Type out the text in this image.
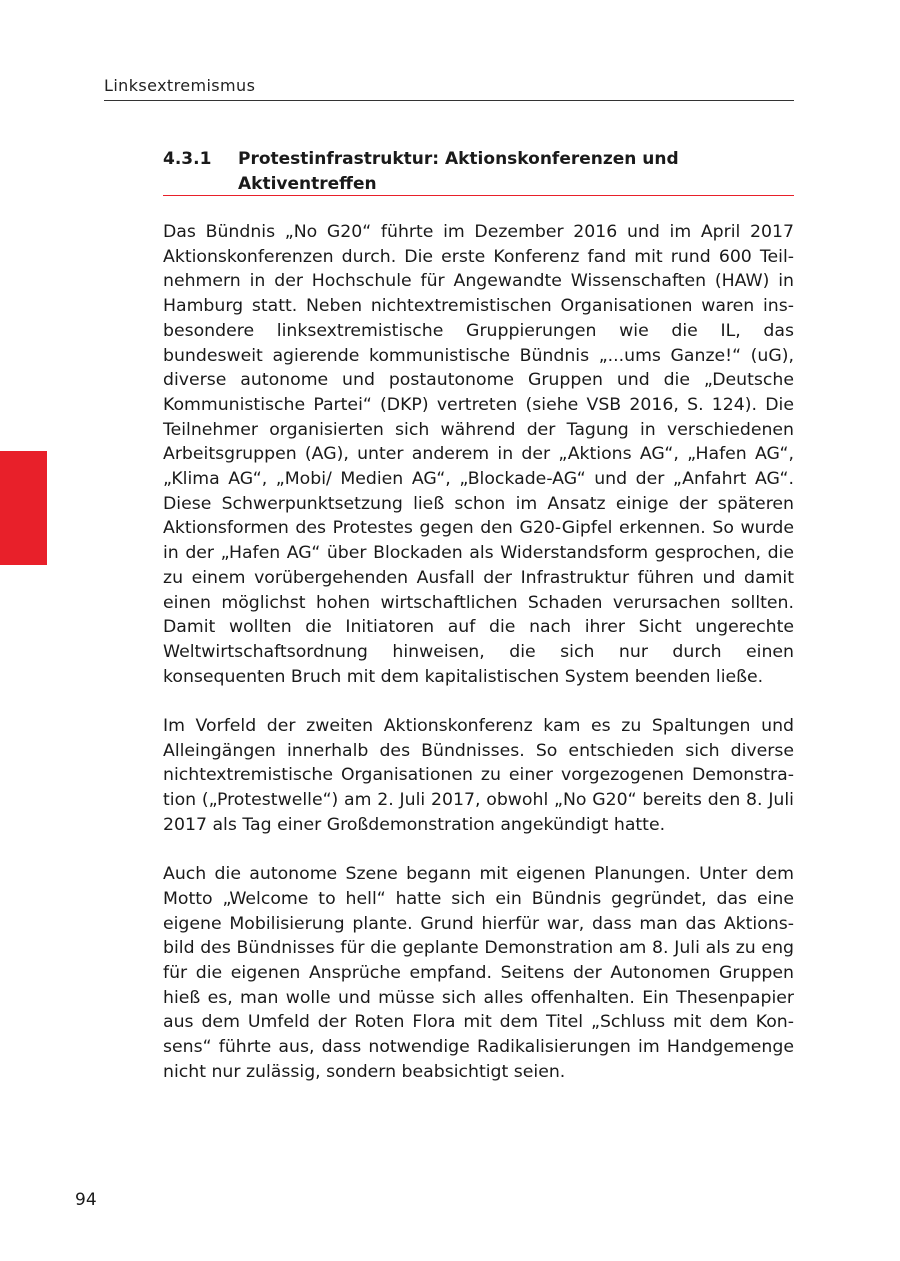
Linksextremismus
4.3.1	Protestinfrastruktur: Aktionskonferenzen und Aktiventreffen

Das Bündnis „No G20“ führte im Dezember 2016 und im April 2017 Aktionskonferenzen durch. Die erste Konferenz fand mit rund 600 Teilnehmern in der Hochschule für Angewandte Wissenschaften (HAW) in Hamburg statt. Neben nichtextremistischen Organisationen waren insbesondere linksextremistische Gruppierungen wie die IL, das bundesweit agierende kommunistische Bündnis „...ums Ganze!“ (uG), diverse autonome und postautonome Gruppen und die „Deutsche Kommunistische Partei“ (DKP) vertreten (siehe VSB 2016, S. 124). Die Teilnehmer organisierten sich während der Tagung in verschiedenen Arbeitsgruppen (AG), unter anderem in der „Aktions AG“, „Hafen AG“, „Klima AG“, „Mobi/ Medien AG“, „Blockade-AG“ und der „Anfahrt AG“. Diese Schwerpunktsetzung ließ schon im Ansatz einige der späteren Aktionsformen des Protestes gegen den G20-Gipfel erkennen. So wurde in der „Hafen AG“ über Blockaden als Widerstandsform gesprochen, die zu einem vorübergehenden Ausfall der Infrastruktur führen und damit einen möglichst hohen wirtschaftlichen Schaden verursachen sollten. Damit wollten die Initiatoren auf die nach ihrer Sicht ungerechte Weltwirtschaftsordnung hinweisen, die sich nur durch einen konsequenten Bruch mit dem kapitalistischen System beenden ließe.

Im Vorfeld der zweiten Aktionskonferenz kam es zu Spaltungen und Alleingängen innerhalb des Bündnisses. So entschieden sich diverse nichtextremistische Organisationen zu einer vorgezogenen Demonstration („Protestwelle“) am 2. Juli 2017, obwohl „No G20“ bereits den 8. Juli 2017 als Tag einer Großdemonstration angekündigt hatte.

Auch die autonome Szene begann mit eigenen Planungen. Unter dem Motto „Welcome to hell“ hatte sich ein Bündnis gegründet, das eine eigene Mobilisierung plante. Grund hierfür war, dass man das Aktionsbild des Bündnisses für die geplante Demonstration am 8. Juli als zu eng für die eigenen Ansprüche empfand. Seitens der Autonomen Gruppen hieß es, man wolle und müsse sich alles offenhalten. Ein Thesenpapier aus dem Umfeld der Roten Flora mit dem Titel „Schluss mit dem Konsens“ führte aus, dass notwendige Radikalisierungen im Handgemenge nicht nur zulässig, sondern beabsichtigt seien.

94
